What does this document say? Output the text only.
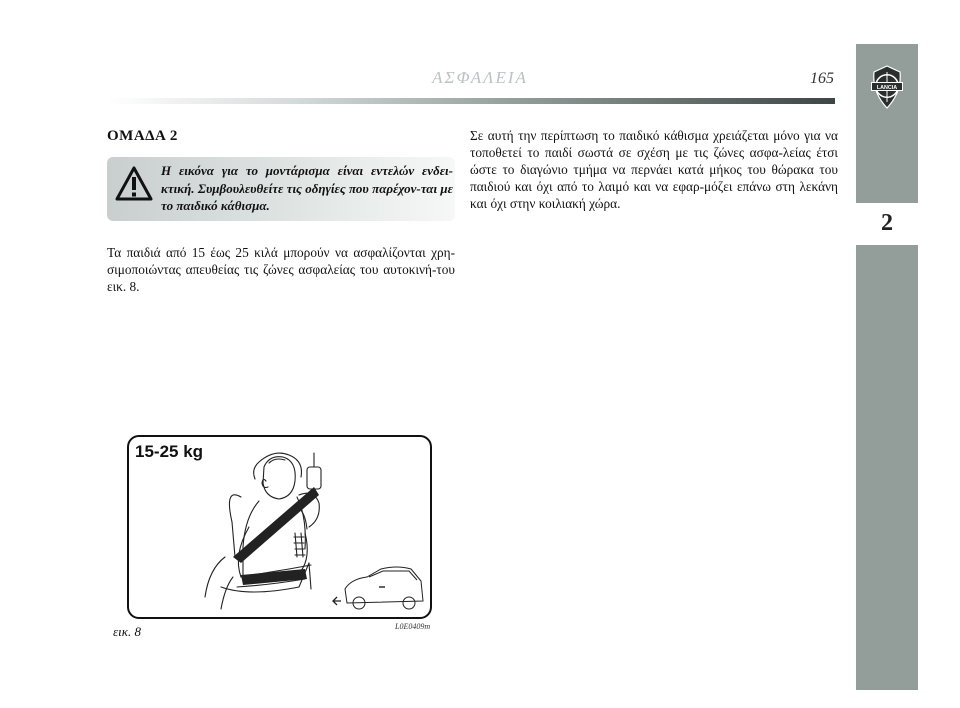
ΑΣΦΑΛΕΙΑ	165
LANCIA
2
ΟΜΑΔΑ 2
Η εικόνα για το μοντάρισμα είναι εντελών ενδει-κτική. Συμβουλευθείτε τις οδηγίες που παρέχον-ται με το παιδικό κάθισμα.
Τα παιδιά από 15 έως 25 κιλά μπορούν να ασφαλίζονται χρη-σιμοποιώντας απευθείας τις ζώνες ασφαλείας του αυτοκινή-του εικ. 8.
Σε αυτή την περίπτωση το παιδικό κάθισμα χρειάζεται μόνο για να τοποθετεί το παιδί σωστά σε σχέση με τις ζώνες ασφα-λείας έτσι ώστε το διαγώνιο τμήμα να περνάει κατά μήκος του θώρακα του παιδιού και όχι από το λαιμό και να εφαρ-μόζει επάνω στη λεκάνη και όχι στην κοιλιακή χώρα.
15-25 kg
εικ. 8	L0E0409m
